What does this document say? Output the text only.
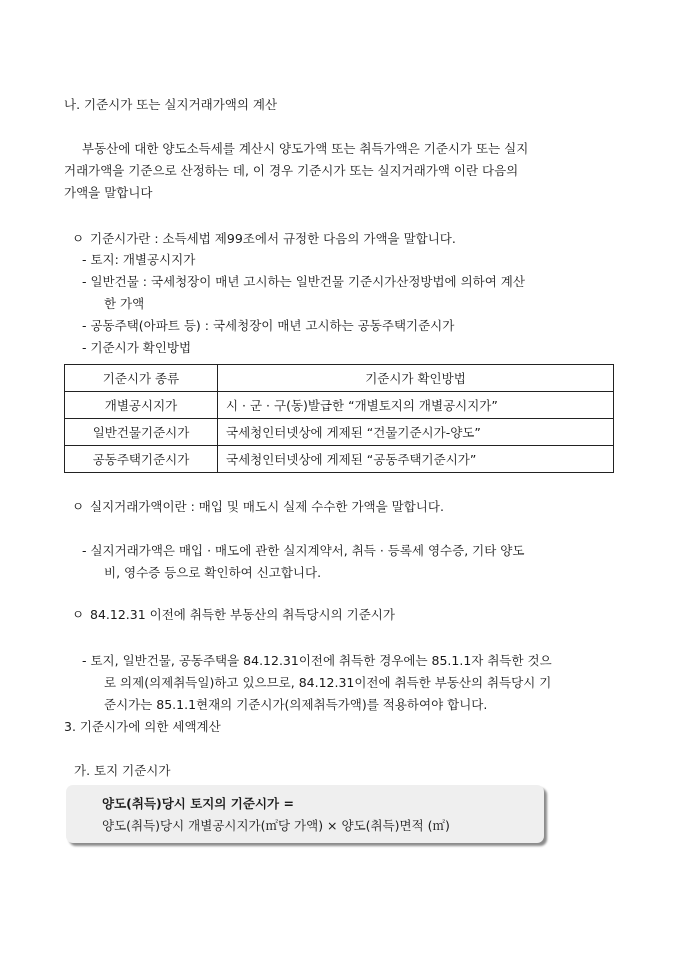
나. 기준시가 또는 실지거래가액의 계산
부동산에 대한 양도소득세를 계산시 양도가액 또는 취득가액은 기준시가 또는 실지
거래가액을 기준으로 산정하는 데, 이 경우 기준시가 또는 실지거래가액 이란 다음의
가액을 말합니다
ㅇ 기준시가란 : 소득세법 제99조에서 규정한 다음의 가액을 말합니다.
- 토지: 개별공시지가
- 일반건물 : 국세청장이 매년 고시하는 일반건물 기준시가산정방법에 의하여 계산
한 가액
- 공동주택(아파트 등) : 국세청장이 매년 고시하는 공동주택기준시가
- 기준시가 확인방법
기준시가 종류	기준시가 확인방법
개별공시지가	시 · 군 · 구(동)발급한 “개별토지의 개별공시지가”
일반건물기준시가	국세청인터넷상에 게제된 “건물기준시가-양도”
공동주택기준시가	국세청인터넷상에 게제된 “공동주택기준시가”
ㅇ 실지거래가액이란 : 매입 및 매도시 실제 수수한 가액을 말합니다.
- 실지거래가액은 매입 · 매도에 관한 실지계약서, 취득 · 등록세 영수증, 기타 양도
비, 영수증 등으로 확인하여 신고합니다.
ㅇ 84.12.31 이전에 취득한 부동산의 취득당시의 기준시가
- 토지, 일반건물, 공동주택을 84.12.31이전에 취득한 경우에는 85.1.1자 취득한 것으
로 의제(의제취득일)하고 있으므로, 84.12.31이전에 취득한 부동산의 취득당시 기
준시가는 85.1.1현재의 기준시가(의제취득가액)를 적용하여야 합니다.
3. 기준시가에 의한 세액계산
가. 토지 기준시가
양도(취득)당시 토지의 기준시가 =
양도(취득)당시 개별공시지가(㎡당 가액) × 양도(취득)면적 (㎡)
